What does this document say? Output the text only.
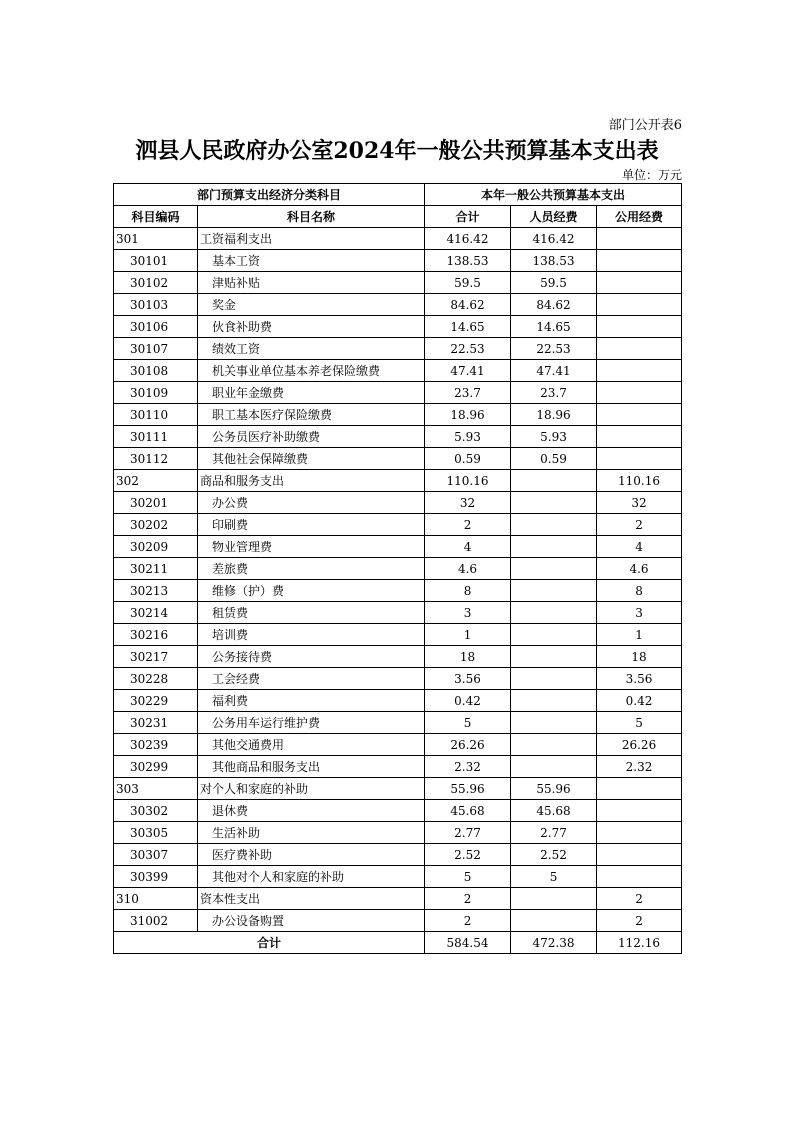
部门公开表6
泗县人民政府办公室2024年一般公共预算基本支出表
单位：万元
部门预算支出经济分类科目		本年一般公共预算基本支出		
科目编码	科目名称	合计	人员经费	公用经费
301	工资福利支出	416.42	416.42	
30101	基本工资	138.53	138.53	
30102	津贴补贴	59.5	59.5	
30103	奖金	84.62	84.62	
30106	伙食补助费	14.65	14.65	
30107	绩效工资	22.53	22.53	
30108	机关事业单位基本养老保险缴费	47.41	47.41	
30109	职业年金缴费	23.7	23.7	
30110	职工基本医疗保险缴费	18.96	18.96	
30111	公务员医疗补助缴费	5.93	5.93	
30112	其他社会保障缴费	0.59	0.59	
302	商品和服务支出	110.16		110.16
30201	办公费	32		32
30202	印刷费	2		2
30209	物业管理费	4		4
30211	差旅费	4.6		4.6
30213	维修（护）费	8		8
30214	租赁费	3		3
30216	培训费	1		1
30217	公务接待费	18		18
30228	工会经费	3.56		3.56
30229	福利费	0.42		0.42
30231	公务用车运行维护费	5		5
30239	其他交通费用	26.26		26.26
30299	其他商品和服务支出	2.32		2.32
303	对个人和家庭的补助	55.96	55.96	
30302	退休费	45.68	45.68	
30305	生活补助	2.77	2.77	
30307	医疗费补助	2.52	2.52	
30399	其他对个人和家庭的补助	5	5	
310	资本性支出	2		2
31002	办公设备购置	2		2
合计		584.54	472.38	112.16
